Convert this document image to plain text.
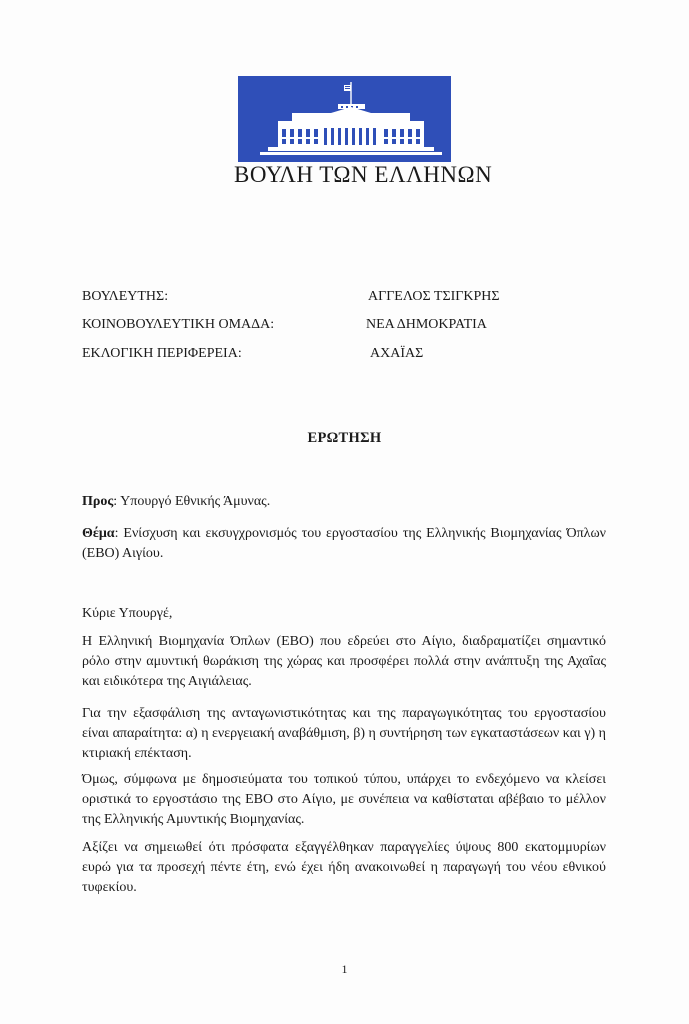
ΒΟΥΛΗ ΤΩΝ ΕΛΛΗΝΩΝ
ΒΟΥΛΕΥΤΗΣ:	ΑΓΓΕΛΟΣ ΤΣΙΓΚΡΗΣ
ΚΟΙΝΟΒΟΥΛΕΥΤΙΚΗ ΟΜΑΔΑ:	ΝΕΑ ΔΗΜΟΚΡΑΤΙΑ
ΕΚΛΟΓΙΚΗ ΠΕΡΙΦΕΡΕΙΑ:	ΑΧΑΪΑΣ
ΕΡΩΤΗΣΗ
Προς: Υπουργό Εθνικής Άμυνας.
Θέμα: Ενίσχυση και εκσυγχρονισμός του εργοστασίου της Ελληνικής Βιομηχανίας Όπλων (ΕΒΟ) Αιγίου.
Κύριε Υπουργέ,
Η Ελληνική Βιομηχανία Όπλων (ΕΒΟ) που εδρεύει στο Αίγιο, διαδραματίζει σημαντικό ρόλο στην αμυντική θωράκιση της χώρας και προσφέρει πολλά στην ανάπτυξη της Αχαΐας και ειδικότερα της Αιγιάλειας.
Για την εξασφάλιση της ανταγωνιστικότητας και της παραγωγικότητας του εργοστασίου είναι απαραίτητα: α) η ενεργειακή αναβάθμιση, β) η συντήρηση των εγκαταστάσεων και γ) η κτιριακή επέκταση.
Όμως, σύμφωνα με δημοσιεύματα του τοπικού τύπου, υπάρχει το ενδεχόμενο να κλείσει οριστικά το εργοστάσιο της ΕΒΟ στο Αίγιο, με συνέπεια να καθίσταται αβέβαιο το μέλλον της Ελληνικής Αμυντικής Βιομηχανίας.
Αξίζει να σημειωθεί ότι πρόσφατα εξαγγέλθηκαν παραγγελίες ύψους 800 εκατομμυρίων ευρώ για τα προσεχή πέντε έτη, ενώ έχει ήδη ανακοινωθεί η παραγωγή του νέου εθνικού τυφεκίου.
1
